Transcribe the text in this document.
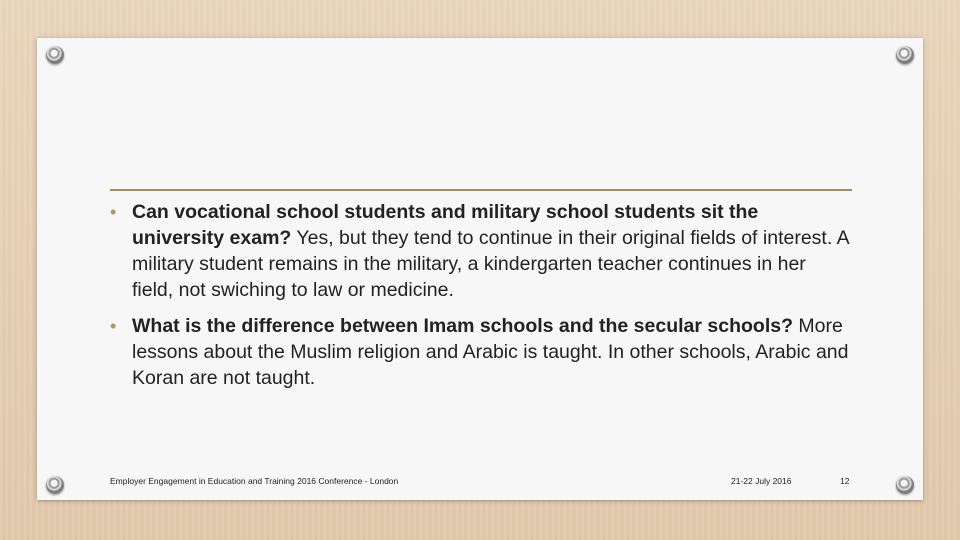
• Can vocational school students and military school students sit the university exam? Yes, but they tend to continue in their original fields of interest. A military student remains in the military, a kindergarten teacher continues in her field, not swiching to law or medicine.
• What is the difference between Imam schools and the secular schools? More lessons about the Muslim religion and Arabic is taught. In other schools, Arabic and Koran are not taught.
Employer Engagement in Education and Training 2016 Conference - London	21-22 July 2016	12
